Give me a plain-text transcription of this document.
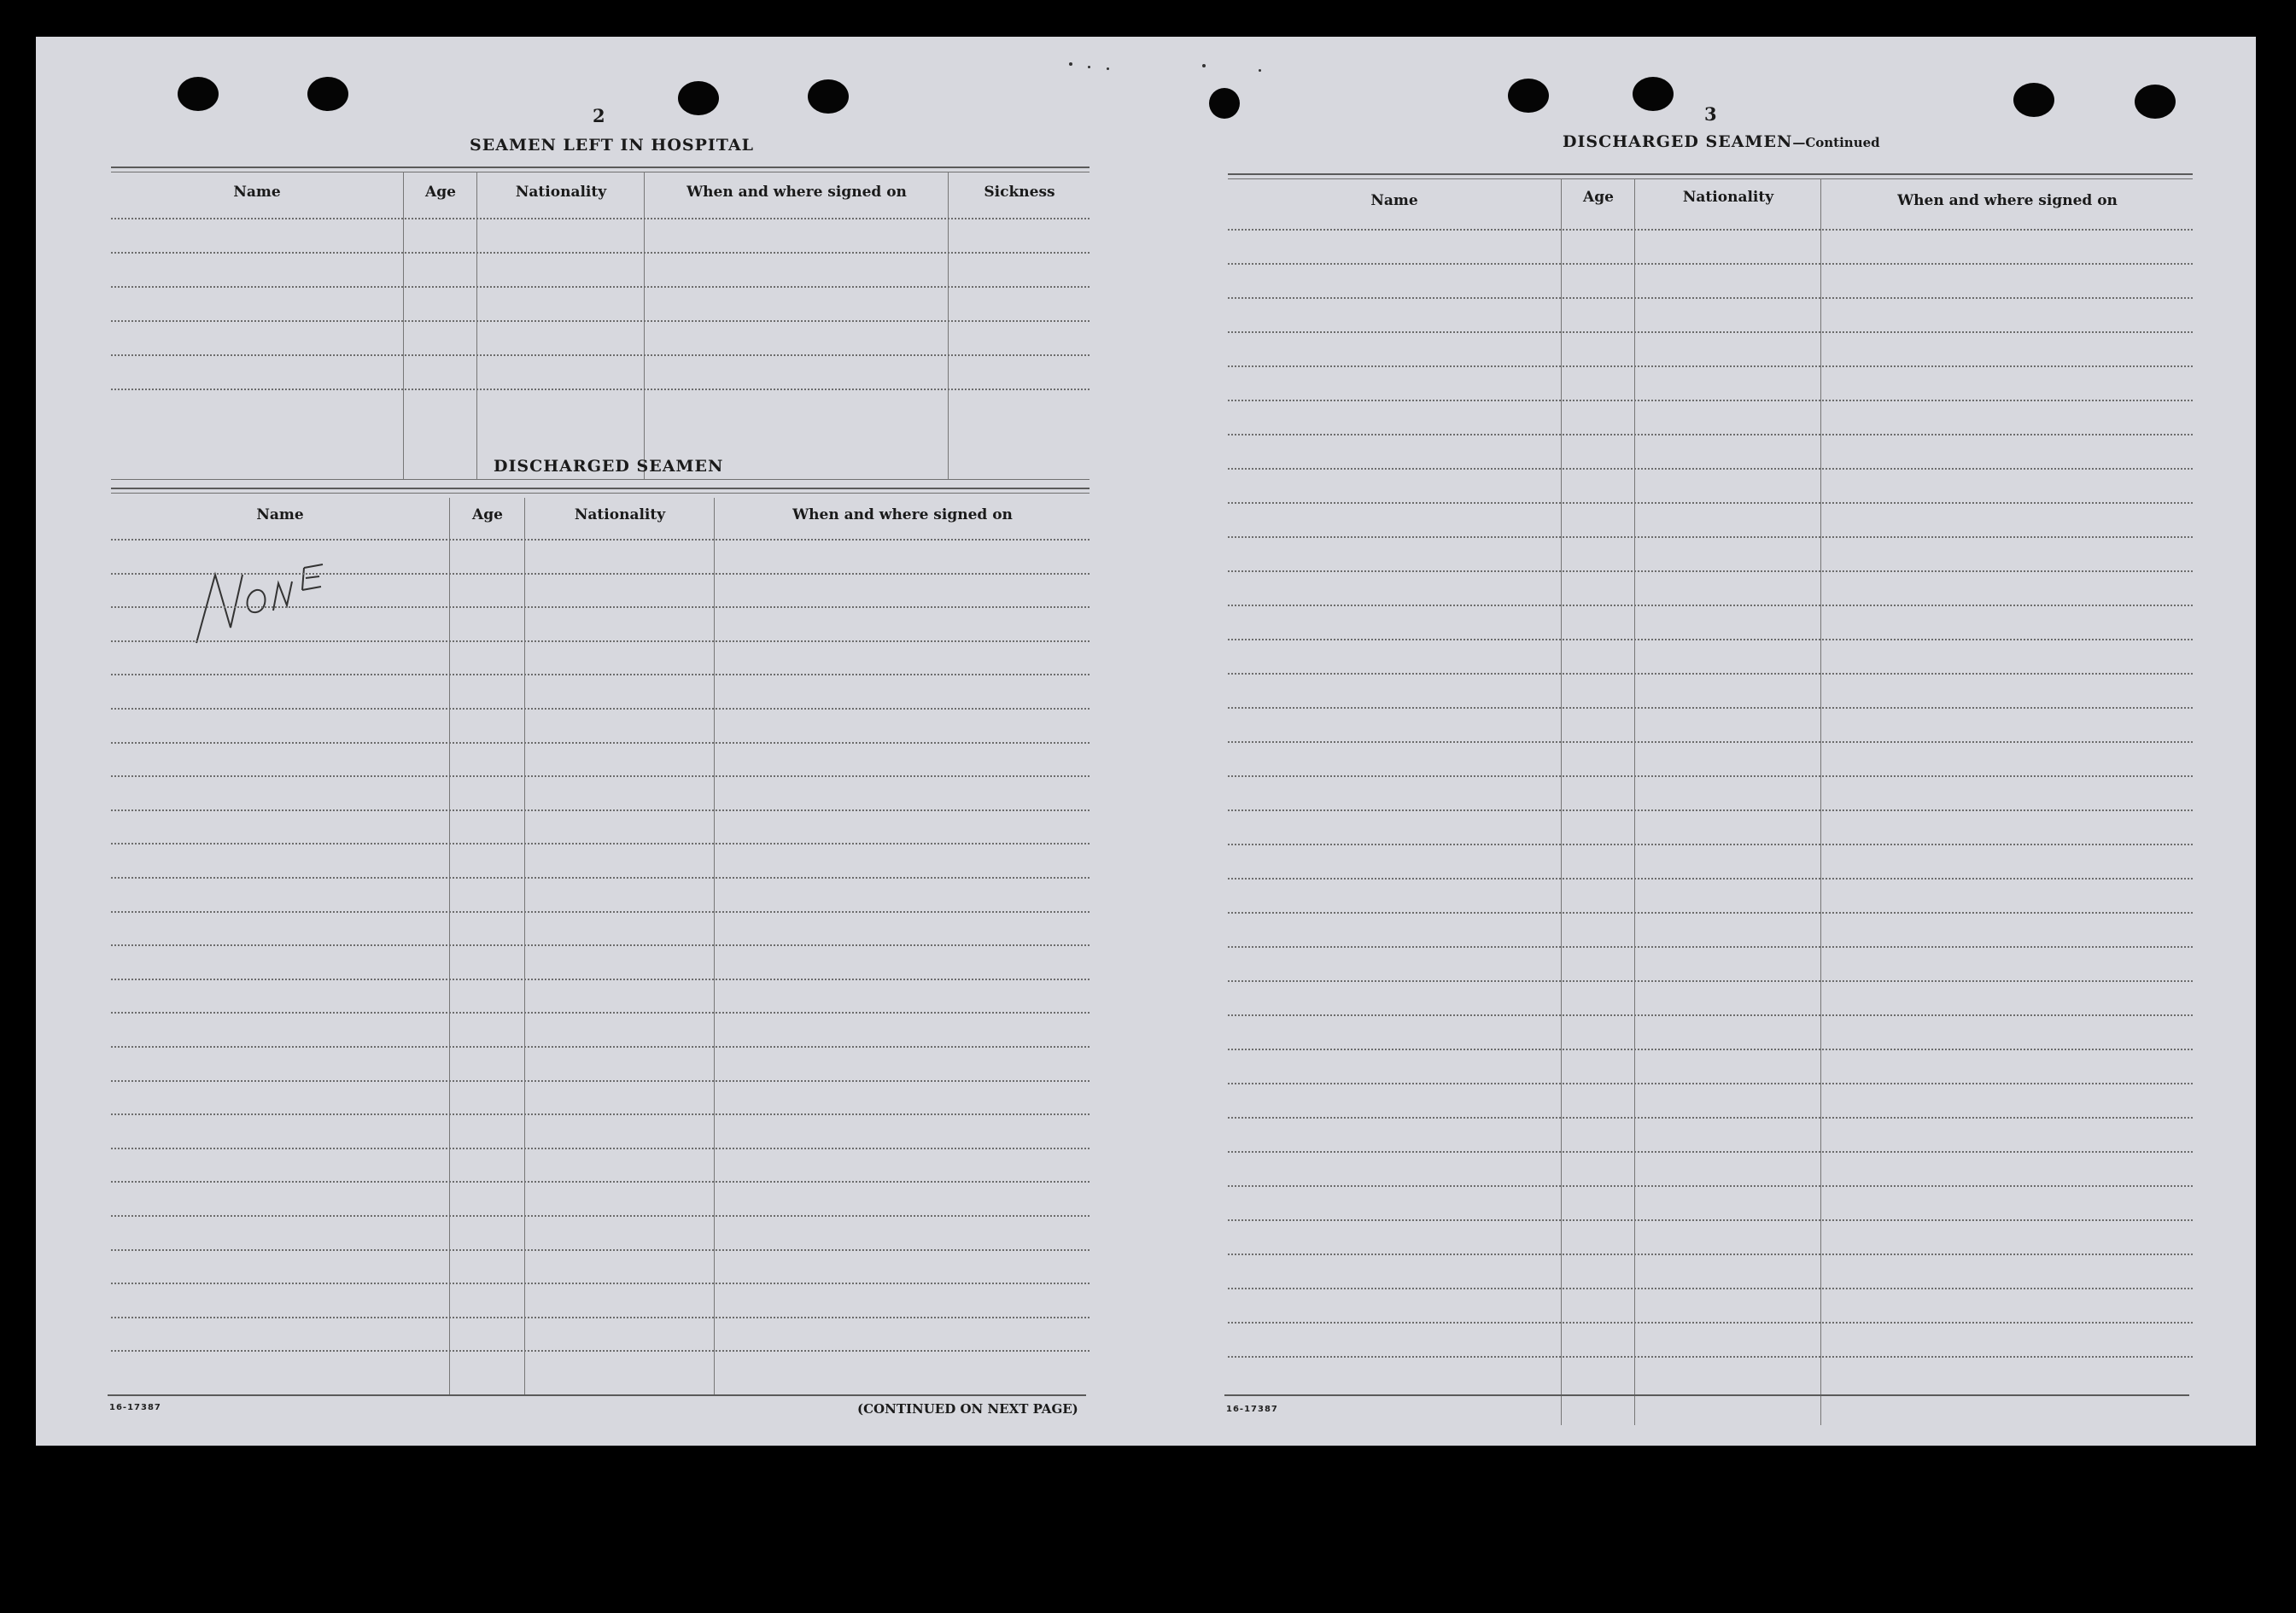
2
SEAMEN LEFT IN HOSPITAL
Name	Age	Nationality	When and where signed on	Sickness
DISCHARGED SEAMEN
Name	Age	Nationality	When and where signed on
None
16-17387	(CONTINUED ON NEXT PAGE)
3
DISCHARGED SEAMEN—Continued
Name	Age	Nationality	When and where signed on
16-17387
